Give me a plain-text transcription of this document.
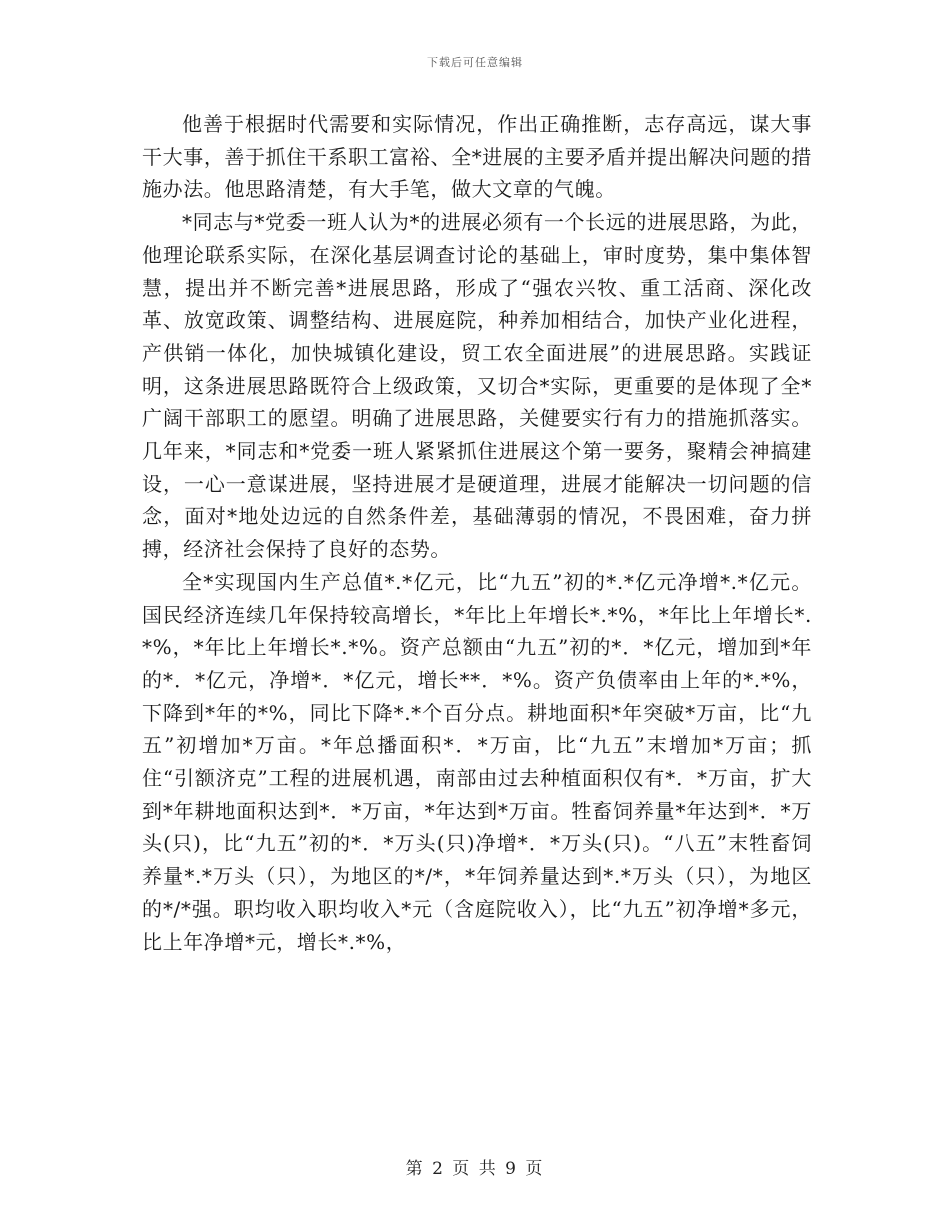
下载后可任意编辑

他善于根据时代需要和实际情况，作出正确推断，志存高远，谋大事干大事，善于抓住干系职工富裕、全*进展的主要矛盾并提出解决问题的措施办法。他思路清楚，有大手笔，做大文章的气魄。

*同志与*党委一班人认为*的进展必须有一个长远的进展思路，为此，他理论联系实际，在深化基层调查讨论的基础上，审时度势，集中集体智慧，提出并不断完善*进展思路，形成了“强农兴牧、重工活商、深化改革、放宽政策、调整结构、进展庭院，种养加相结合，加快产业化进程，产供销一体化，加快城镇化建设，贸工农全面进展”的进展思路。实践证明，这条进展思路既符合上级政策，又切合*实际，更重要的是体现了全*广阔干部职工的愿望。明确了进展思路，关健要实行有力的措施抓落实。几年来，*同志和*党委一班人紧紧抓住进展这个第一要务，聚精会神搞建设，一心一意谋进展，坚持进展才是硬道理，进展才能解决一切问题的信念，面对*地处边远的自然条件差，基础薄弱的情况，不畏困难，奋力拼搏，经济社会保持了良好的态势。

全*实现国内生产总值*.*亿元，比“九五”初的*.*亿元净增*.*亿元。国民经济连续几年保持较高增长，*年比上年增长*.*%，*年比上年增长*.*%，*年比上年增长*.*%。资产总额由“九五”初的*．*亿元，增加到*年的*．*亿元，净增*．*亿元，增长**．*%。资产负债率由上年的*.*%，下降到*年的*%，同比下降*.*个百分点。耕地面积*年突破*万亩，比“九五”初增加*万亩。*年总播面积*．*万亩，比“九五”末增加*万亩；抓住“引额济克”工程的进展机遇，南部由过去种植面积仅有*．*万亩，扩大到*年耕地面积达到*．*万亩，*年达到*万亩。牲畜饲养量*年达到*．*万头(只)，比“九五”初的*．*万头(只)净增*．*万头(只)。“八五”末牲畜饲养量*.*万头（只），为地区的*/*，*年饲养量达到*.*万头（只），为地区的*/*强。职均收入职均收入*元（含庭院收入），比“九五”初净增*多元，比上年净增*元，增长*.*%，

第 2 页 共 9 页
